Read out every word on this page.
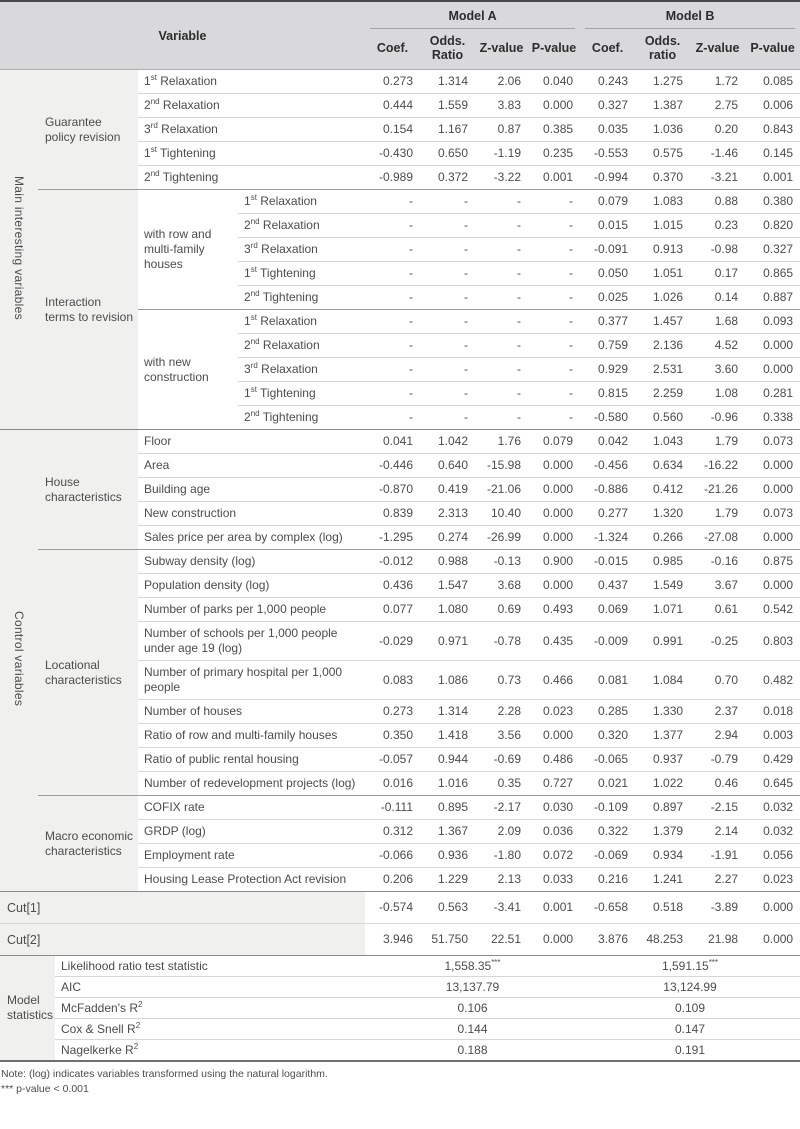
Variable				Model A				Model B			

				Coef.	Odds. Ratio	Z-value	P-value	Coef.	Odds. ratio	Z-value	P-value
Main interesting variables	Guarantee policy revision	1st Relaxation		0.273	1.314	2.06	0.040	0.243	1.275	1.72	0.085
		2nd Relaxation		0.444	1.559	3.83	0.000	0.327	1.387	2.75	0.006
		3rd Relaxation		0.154	1.167	0.87	0.385	0.035	1.036	0.20	0.843
		1st Tightening		-0.430	0.650	-1.19	0.235	-0.553	0.575	-1.46	0.145
		2nd Tightening		-0.989	0.372	-3.22	0.001	-0.994	0.370	-3.21	0.001
	Interaction terms to revision	with row and multi-family houses	1st Relaxation	-	-	-	-	0.079	1.083	0.88	0.380
			2nd Relaxation	-	-	-	-	0.015	1.015	0.23	0.820
			3rd Relaxation	-	-	-	-	-0.091	0.913	-0.98	0.327
			1st Tightening	-	-	-	-	0.050	1.051	0.17	0.865
			2nd Tightening	-	-	-	-	0.025	1.026	0.14	0.887
		with new construction	1st Relaxation	-	-	-	-	0.377	1.457	1.68	0.093
			2nd Relaxation	-	-	-	-	0.759	2.136	4.52	0.000
			3rd Relaxation	-	-	-	-	0.929	2.531	3.60	0.000
			1st Tightening	-	-	-	-	0.815	2.259	1.08	0.281
			2nd Tightening	-	-	-	-	-0.580	0.560	-0.96	0.338
Control variables	House characteristics	Floor		0.041	1.042	1.76	0.079	0.042	1.043	1.79	0.073
		Area		-0.446	0.640	-15.98	0.000	-0.456	0.634	-16.22	0.000
		Building age		-0.870	0.419	-21.06	0.000	-0.886	0.412	-21.26	0.000
		New construction		0.839	2.313	10.40	0.000	0.277	1.320	1.79	0.073
		Sales price per area by complex (log)		-1.295	0.274	-26.99	0.000	-1.324	0.266	-27.08	0.000
	Locational characteristics	Subway density (log)		-0.012	0.988	-0.13	0.900	-0.015	0.985	-0.16	0.875
		Population density (log)		0.436	1.547	3.68	0.000	0.437	1.549	3.67	0.000
		Number of parks per 1,000 people		0.077	1.080	0.69	0.493	0.069	1.071	0.61	0.542
		Number of schools per 1,000 people under age 19 (log)		-0.029	0.971	-0.78	0.435	-0.009	0.991	-0.25	0.803
		Number of primary hospital per 1,000 people		0.083	1.086	0.73	0.466	0.081	1.084	0.70	0.482
		Number of houses		0.273	1.314	2.28	0.023	0.285	1.330	2.37	0.018
		Ratio of row and multi-family houses		0.350	1.418	3.56	0.000	0.320	1.377	2.94	0.003
		Ratio of public rental housing		-0.057	0.944	-0.69	0.486	-0.065	0.937	-0.79	0.429
		Number of redevelopment projects (log)		0.016	1.016	0.35	0.727	0.021	1.022	0.46	0.645
	Macro economic characteristics	COFIX rate		-0.111	0.895	-2.17	0.030	-0.109	0.897	-2.15	0.032
		GRDP (log)		0.312	1.367	2.09	0.036	0.322	1.379	2.14	0.032
		Employment rate		-0.066	0.936	-1.80	0.072	-0.069	0.934	-1.91	0.056
		Housing Lease Protection Act revision		0.206	1.229	2.13	0.033	0.216	1.241	2.27	0.023
Cut[1]				-0.574	0.563	-3.41	0.001	-0.658	0.518	-3.89	0.000
Cut[2]				3.946	51.750	22.51	0.000	3.876	48.253	21.98	0.000
Model statistics	Likelihood ratio test statistic	1,558.35***	1,591.15***
	AIC	13,137.79	13,124.99
	McFadden's $R^2$	0.106	0.109
	Cox & Snell $R^2$	0.144	0.147
	Nagelkerke $R^2$	0.188	0.191
Note: (log) indicates variables transformed using the natural logarithm.
*** p-value < 0.001
